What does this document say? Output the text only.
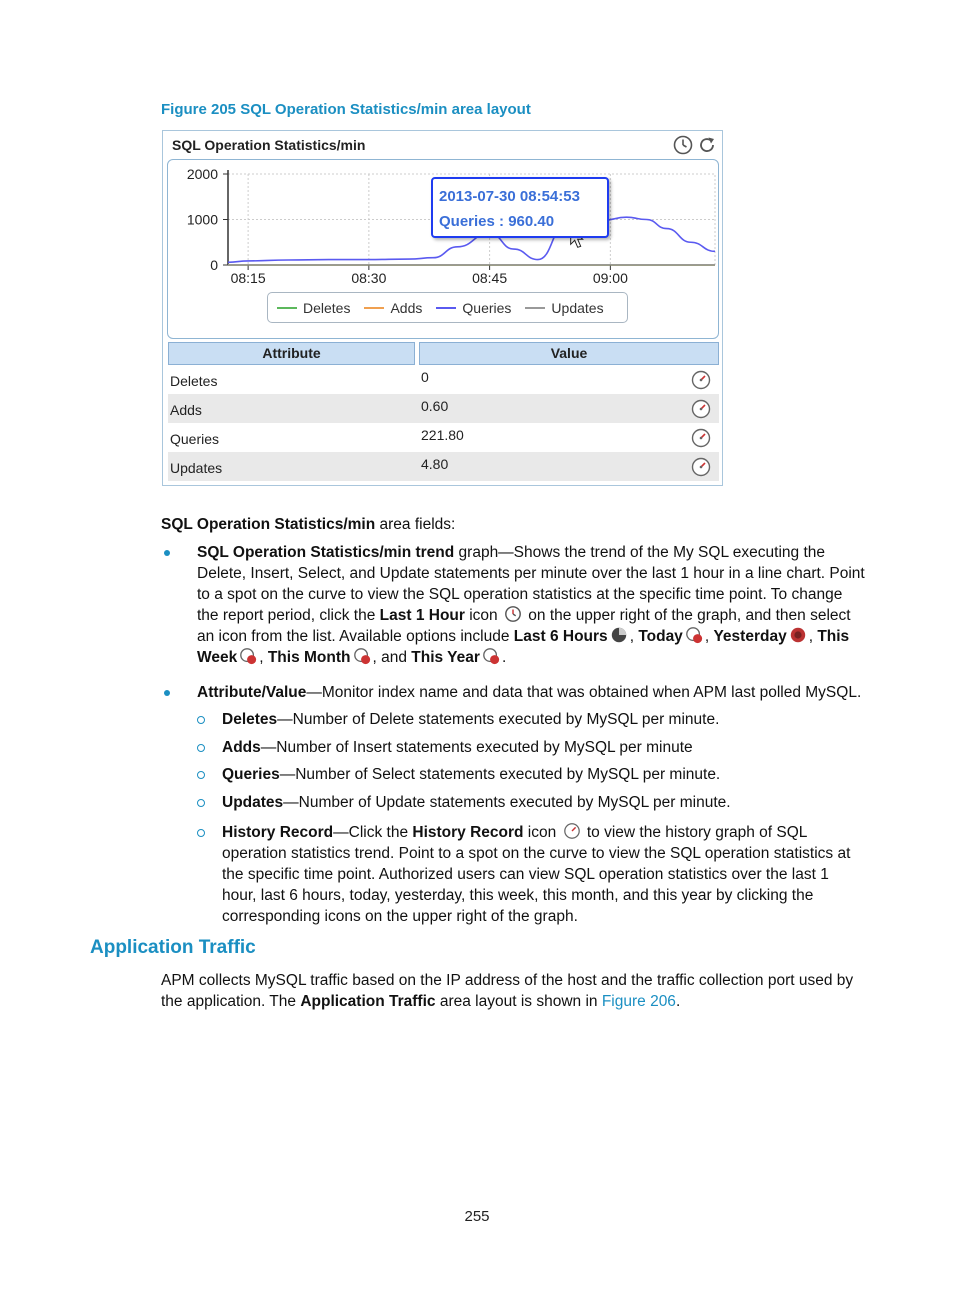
Figure 205 SQL Operation Statistics/min area layout
SQL Operation Statistics/min
0
1000
2000
08:15	08:30	08:45	09:00
2013-07-30 08:54:53
Queries : 960.40
Deletes	Adds	Queries	Updates
Attribute	Value
Deletes	0
Adds	0.60
Queries	221.80
Updates	4.80
SQL Operation Statistics/min area fields:
SQL Operation Statistics/min trend graph—Shows the trend of the My SQL executing the Delete, Insert, Select, and Update statements per minute over the last 1 hour in a line chart. Point to a spot on the curve to view the SQL operation statistics at the specific time point. To change the report period, click the Last 1 Hour icon  on the upper right of the graph, and then select an icon from the list. Available options include Last 6 Hours , Today , Yesterday , This Week , This Month , and This Year .
Attribute/Value—Monitor index name and data that was obtained when APM last polled MySQL.
Deletes—Number of Delete statements executed by MySQL per minute.
Adds—Number of Insert statements executed by MySQL per minute
Queries—Number of Select statements executed by MySQL per minute.
Updates—Number of Update statements executed by MySQL per minute.
History Record—Click the History Record icon  to view the history graph of SQL operation statistics trend. Point to a spot on the curve to view the SQL operation statistics at the specific time point. Authorized users can view SQL operation statistics over the last 1 hour, last 6 hours, today, yesterday, this week, this month, and this year by clicking the corresponding icons on the upper right of the graph.
Application Traffic
APM collects MySQL traffic based on the IP address of the host and the traffic collection port used by the application. The Application Traffic area layout is shown in Figure 206.
255
